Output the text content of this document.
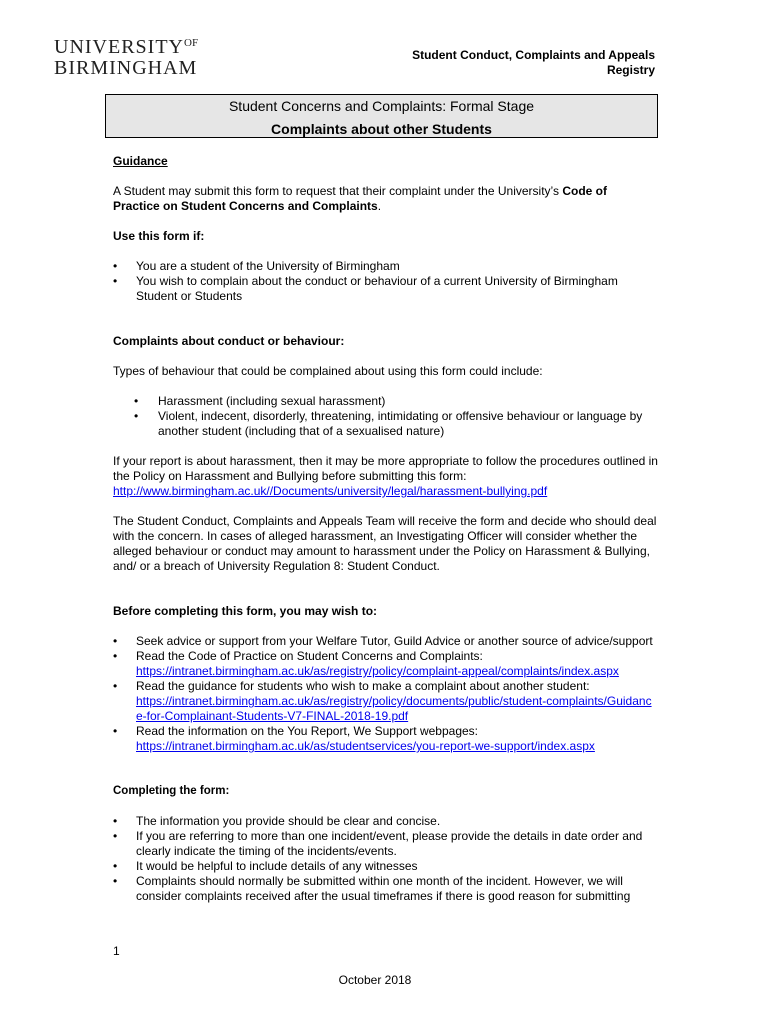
$UNIVERSITY^{OF}$
BIRMINGHAM
Student Conduct, Complaints and Appeals
Registry
Student Concerns and Complaints: Formal Stage
Complaints about other Students
Guidance
A Student may submit this form to request that their complaint under the University’s Code of
Practice on Student Concerns and Complaints.
Use this form if:
• You are a student of the University of Birmingham
• You wish to complain about the conduct or behaviour of a current University of Birmingham Student or Students
Complaints about conduct or behaviour:
Types of behaviour that could be complained about using this form could include:
• Harassment (including sexual harassment)
• Violent, indecent, disorderly, threatening, intimidating or offensive behaviour or language by another student (including that of a sexualised nature)
If your report is about harassment, then it may be more appropriate to follow the procedures outlined in the Policy on Harassment and Bullying before submitting this form:
http://www.birmingham.ac.uk//Documents/university/legal/harassment-bullying.pdf
The Student Conduct, Complaints and Appeals Team will receive the form and decide who should deal with the concern. In cases of alleged harassment, an Investigating Officer will consider whether the alleged behaviour or conduct may amount to harassment under the Policy on Harassment & Bullying, and/ or a breach of University Regulation 8: Student Conduct.
Before completing this form, you may wish to:
• Seek advice or support from your Welfare Tutor, Guild Advice or another source of advice/support
• Read the Code of Practice on Student Concerns and Complaints:
https://intranet.birmingham.ac.uk/as/registry/policy/complaint-appeal/complaints/index.aspx
• Read the guidance for students who wish to make a complaint about another student:
https://intranet.birmingham.ac.uk/as/registry/policy/documents/public/student-complaints/Guidance-for-Complainant-Students-V7-FINAL-2018-19.pdf
• Read the information on the You Report, We Support webpages:
https://intranet.birmingham.ac.uk/as/studentservices/you-report-we-support/index.aspx
Completing the form:
• The information you provide should be clear and concise.
• If you are referring to more than one incident/event, please provide the details in date order and clearly indicate the timing of the incidents/events.
• It would be helpful to include details of any witnesses
• Complaints should normally be submitted within one month of the incident. However, we will consider complaints received after the usual timeframes if there is good reason for submitting
1
October 2018
